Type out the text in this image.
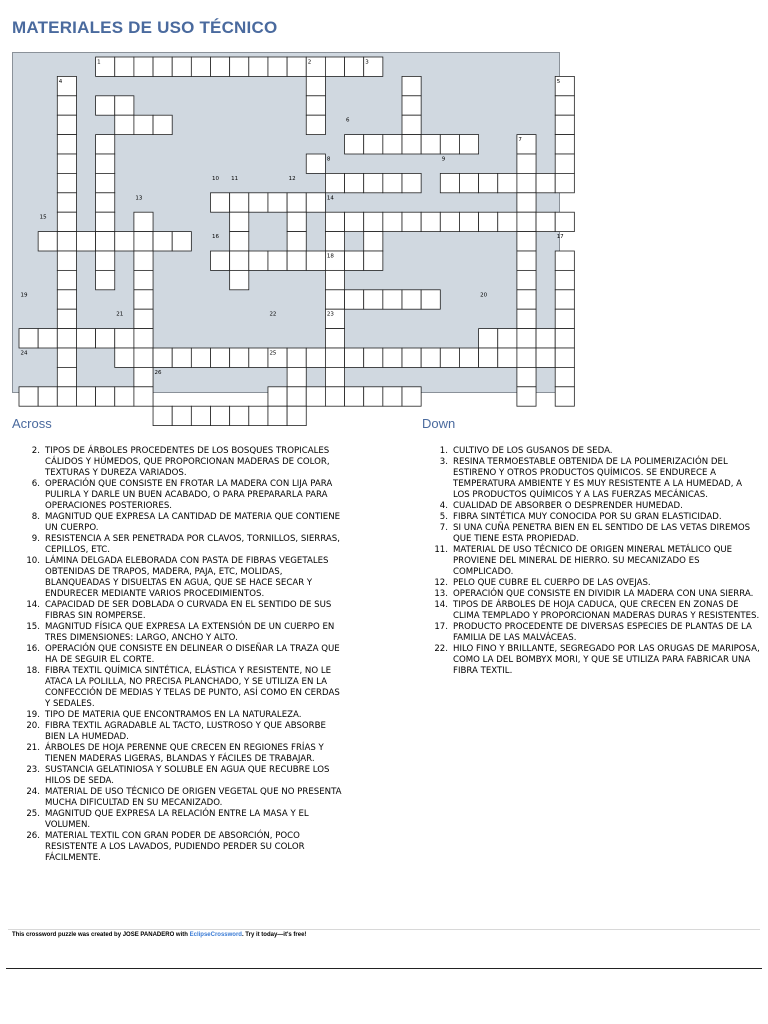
MATERIALES DE USO TÉCNICO
1	2	3
4	5
6
7
8	9
10 11	12
13	14
15
16	17
18
19	20
21	22	23
24	25
26
Across	Down
2. TIPOS DE ÁRBOLES PROCEDENTES DE LOS BOSQUES TROPICALES CÁLIDOS Y HÚMEDOS, QUE PROPORCIONAN MADERAS DE COLOR, TEXTURAS Y DUREZA VARIADOS.
6. OPERACIÓN QUE CONSISTE EN FROTAR LA MADERA CON LIJA PARA PULIRLA Y DARLE UN BUEN ACABADO, O PARA PREPARARLA PARA OPERACIONES POSTERIORES.
8. MAGNITUD QUE EXPRESA LA CANTIDAD DE MATERIA QUE CONTIENE UN CUERPO.
9. RESISTENCIA A SER PENETRADA POR CLAVOS, TORNILLOS, SIERRAS, CEPILLOS, ETC.
10. LÁMINA DELGADA ELEBORADA CON PASTA DE FIBRAS VEGETALES OBTENIDAS DE TRAPOS, MADERA, PAJA, ETC, MOLIDAS, BLANQUEADAS Y DISUELTAS EN AGUA, QUE SE HACE SECAR Y ENDURECER MEDIANTE VARIOS PROCEDIMIENTOS.
14. CAPACIDAD DE SER DOBLADA O CURVADA EN EL SENTIDO DE SUS FIBRAS SIN ROMPERSE.
15. MAGNITUD FÍSICA QUE EXPRESA LA EXTENSIÓN DE UN CUERPO EN TRES DIMENSIONES: LARGO, ANCHO Y ALTO.
16. OPERACIÓN QUE CONSISTE EN DELINEAR O DISEÑAR LA TRAZA QUE HA DE SEGUIR EL CORTE.
18. FIBRA TEXTIL QUÍMICA SINTÉTICA, ELÁSTICA Y RESISTENTE, NO LE ATACA LA POLILLA, NO PRECISA PLANCHADO, Y SE UTILIZA EN LA CONFECCIÓN DE MEDIAS Y TELAS DE PUNTO, ASÍ COMO EN CERDAS Y SEDALES.
19. TIPO DE MATERIA QUE ENCONTRAMOS EN LA NATURALEZA.
20. FIBRA TEXTIL AGRADABLE AL TACTO, LUSTROSO Y QUE ABSORBE BIEN LA HUMEDAD.
21. ÁRBOLES DE HOJA PERENNE QUE CRECEN EN REGIONES FRÍAS Y TIENEN MADERAS LIGERAS, BLANDAS Y FÁCILES DE TRABAJAR.
23. SUSTANCIA GELATINIOSA Y SOLUBLE EN AGUA QUE RECUBRE LOS HILOS DE SEDA.
24. MATERIAL DE USO TÉCNICO DE ORIGEN VEGETAL QUE NO PRESENTA MUCHA DIFICULTAD EN SU MECANIZADO.
25. MAGNITUD QUE EXPRESA LA RELACIÓN ENTRE LA MASA Y EL VOLUMEN.
26. MATERIAL TEXTIL CON GRAN PODER DE ABSORCIÓN, POCO RESISTENTE A LOS LAVADOS, PUDIENDO PERDER SU COLOR FÁCILMENTE.
1. CULTIVO DE LOS GUSANOS DE SEDA.
3. RESINA TERMOESTABLE OBTENIDA DE LA POLIMERIZACIÓN DEL ESTIRENO Y OTROS PRODUCTOS QUÍMICOS. SE ENDURECE A TEMPERATURA AMBIENTE Y ES MUY RESISTENTE A LA HUMEDAD, A LOS PRODUCTOS QUÍMICOS Y A LAS FUERZAS MECÁNICAS.
4. CUALIDAD DE ABSORBER O DESPRENDER HUMEDAD.
5. FIBRA SINTÉTICA MUY CONOCIDA POR SU GRAN ELASTICIDAD.
7. SI UNA CUÑA PENETRA BIEN EN EL SENTIDO DE LAS VETAS DIREMOS QUE TIENE ESTA PROPIEDAD.
11. MATERIAL DE USO TÉCNICO DE ORIGEN MINERAL METÁLICO QUE PROVIENE DEL MINERAL DE HIERRO. SU MECANIZADO ES COMPLICADO.
12. PELO QUE CUBRE EL CUERPO DE LAS OVEJAS.
13. OPERACIÓN QUE CONSISTE EN DIVIDIR LA MADERA CON UNA SIERRA.
14. TIPOS DE ÁRBOLES DE HOJA CADUCA, QUE CRECEN EN ZONAS DE CLIMA TEMPLADO Y PROPORCIONAN MADERAS DURAS Y RESISTENTES.
17. PRODUCTO PROCEDENTE DE DIVERSAS ESPECIES DE PLANTAS DE LA FAMILIA DE LAS MALVÁCEAS.
22. HILO FINO Y BRILLANTE, SEGREGADO POR LAS ORUGAS DE MARIPOSA, COMO LA DEL BOMBYX MORI, Y QUE SE UTILIZA PARA FABRICAR UNA FIBRA TEXTIL.
This crossword puzzle was created by JOSE PANADERO with EclipseCrossword. Try it today—it's free!
